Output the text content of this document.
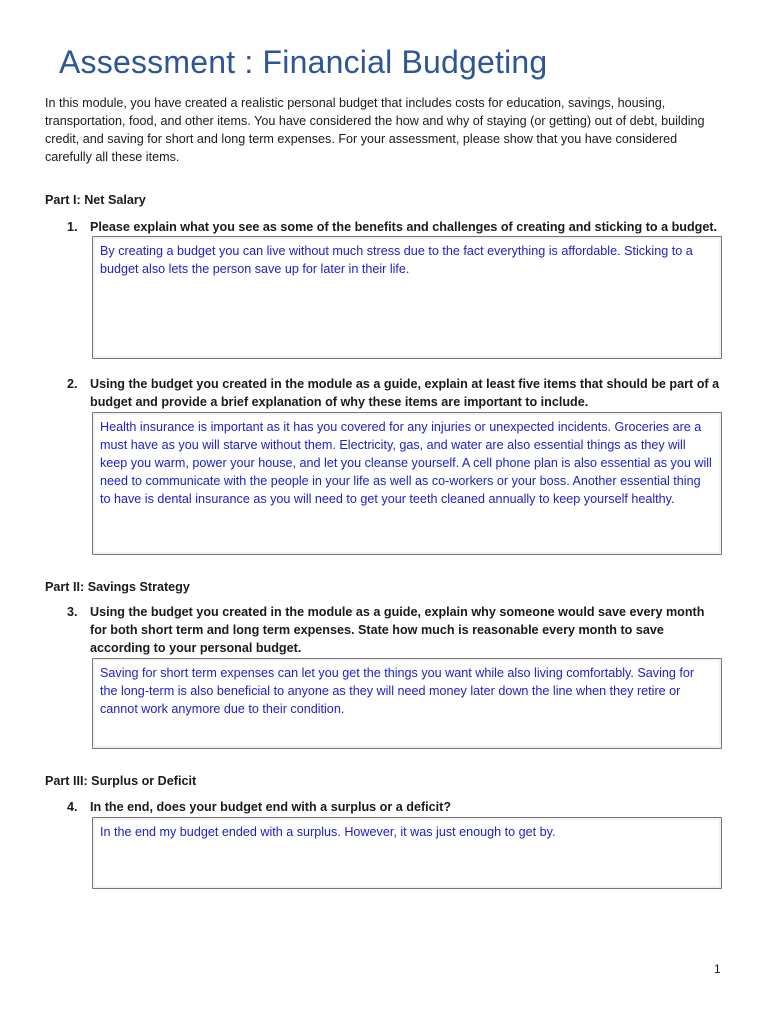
Assessment : Financial Budgeting

In this module, you have created a realistic personal budget that includes costs for education, savings, housing, transportation, food, and other items. You have considered the how and why of staying (or getting) out of debt, building credit, and saving for short and long term expenses. For your assessment, please show that you have considered carefully all these items.

Part I: Net Salary

1. Please explain what you see as some of the benefits and challenges of creating and sticking to a budget.

By creating a budget you can live without much stress due to the fact everything is affordable. Sticking to a budget also lets the person save up for later in their life.

2. Using the budget you created in the module as a guide, explain at least five items that should be part of a budget and provide a brief explanation of why these items are important to include.

Health insurance is important as it has you covered for any injuries or unexpected incidents. Groceries are a must have as you will starve without them. Electricity, gas, and water are also essential things as they will keep you warm, power your house, and let you cleanse yourself. A cell phone plan is also essential as you will need to communicate with the people in your life as well as co-workers or your boss. Another essential thing to have is dental insurance as you will need to get your teeth cleaned annually to keep yourself healthy.

Part II: Savings Strategy

3. Using the budget you created in the module as a guide, explain why someone would save every month for both short term and long term expenses. State how much is reasonable every month to save according to your personal budget.

Saving for short term expenses can let you get the things you want while also living comfortably. Saving for the long-term is also beneficial to anyone as they will need money later down the line when they retire or cannot work anymore due to their condition.

Part III: Surplus or Deficit

4. In the end, does your budget end with a surplus or a deficit?

In the end my budget ended with a surplus. However, it was just enough to get by.

1
